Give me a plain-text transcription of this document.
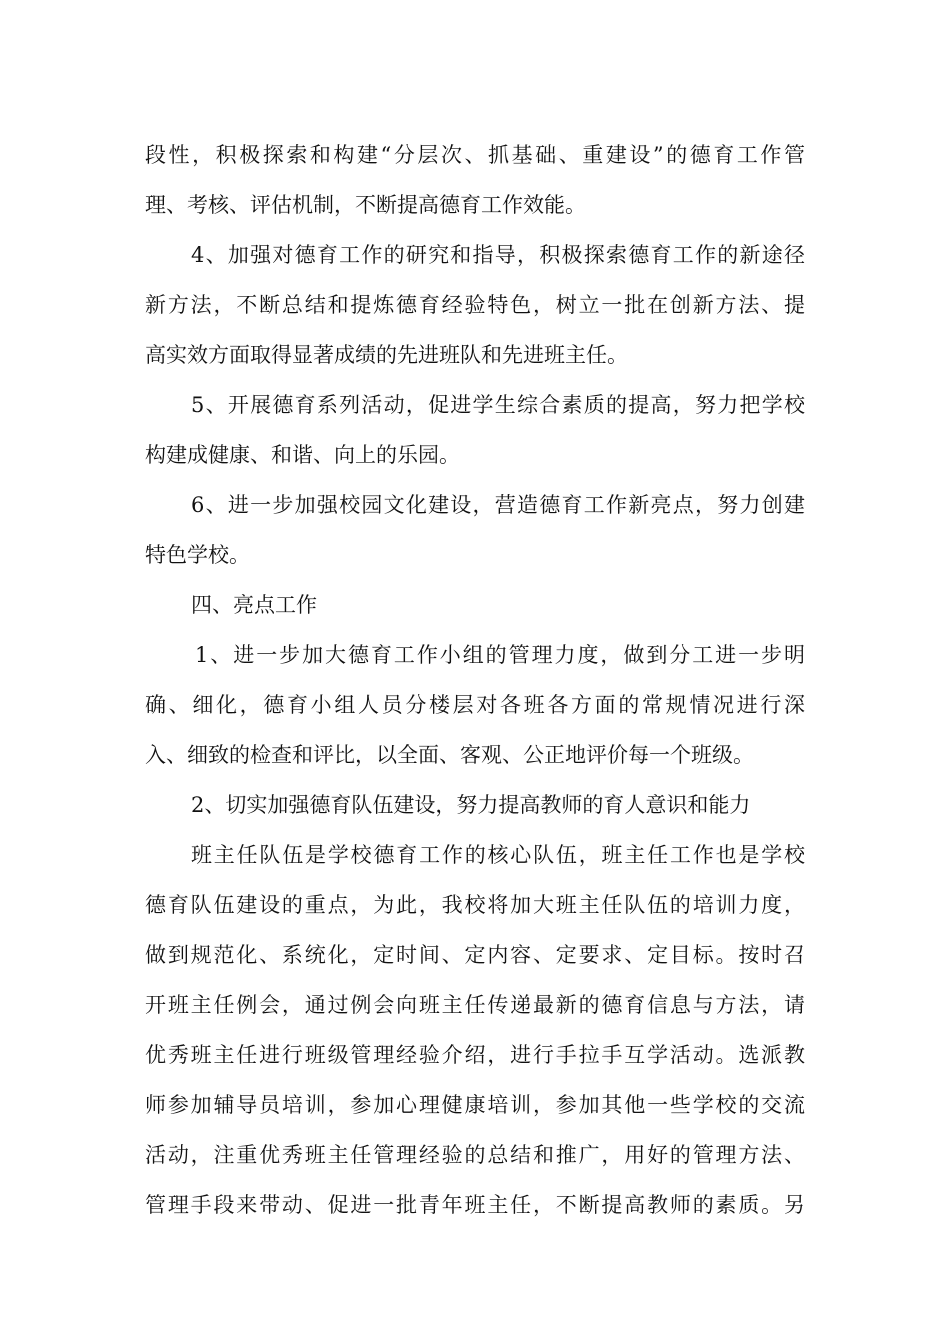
段性，积极探索和构建“分层次、抓基础、重建设”的德育工作管
理、考核、评估机制，不断提高德育工作效能。
4、加强对德育工作的研究和指导，积极探索德育工作的新途径
新方法，不断总结和提炼德育经验特色，树立一批在创新方法、提
高实效方面取得显著成绩的先进班队和先进班主任。
5、开展德育系列活动，促进学生综合素质的提高，努力把学校
构建成健康、和谐、向上的乐园。
6、进一步加强校园文化建设，营造德育工作新亮点，努力创建
特色学校。
四、亮点工作
1、进一步加大德育工作小组的管理力度，做到分工进一步明
确、细化，德育小组人员分楼层对各班各方面的常规情况进行深
入、细致的检查和评比，以全面、客观、公正地评价每一个班级。
2、切实加强德育队伍建设，努力提高教师的育人意识和能力
班主任队伍是学校德育工作的核心队伍，班主任工作也是学校
德育队伍建设的重点，为此，我校将加大班主任队伍的培训力度，
做到规范化、系统化，定时间、定内容、定要求、定目标。按时召
开班主任例会，通过例会向班主任传递最新的德育信息与方法，请
优秀班主任进行班级管理经验介绍，进行手拉手互学活动。选派教
师参加辅导员培训，参加心理健康培训，参加其他一些学校的交流
活动，注重优秀班主任管理经验的总结和推广，用好的管理方法、
管理手段来带动、促进一批青年班主任，不断提高教师的素质。另
